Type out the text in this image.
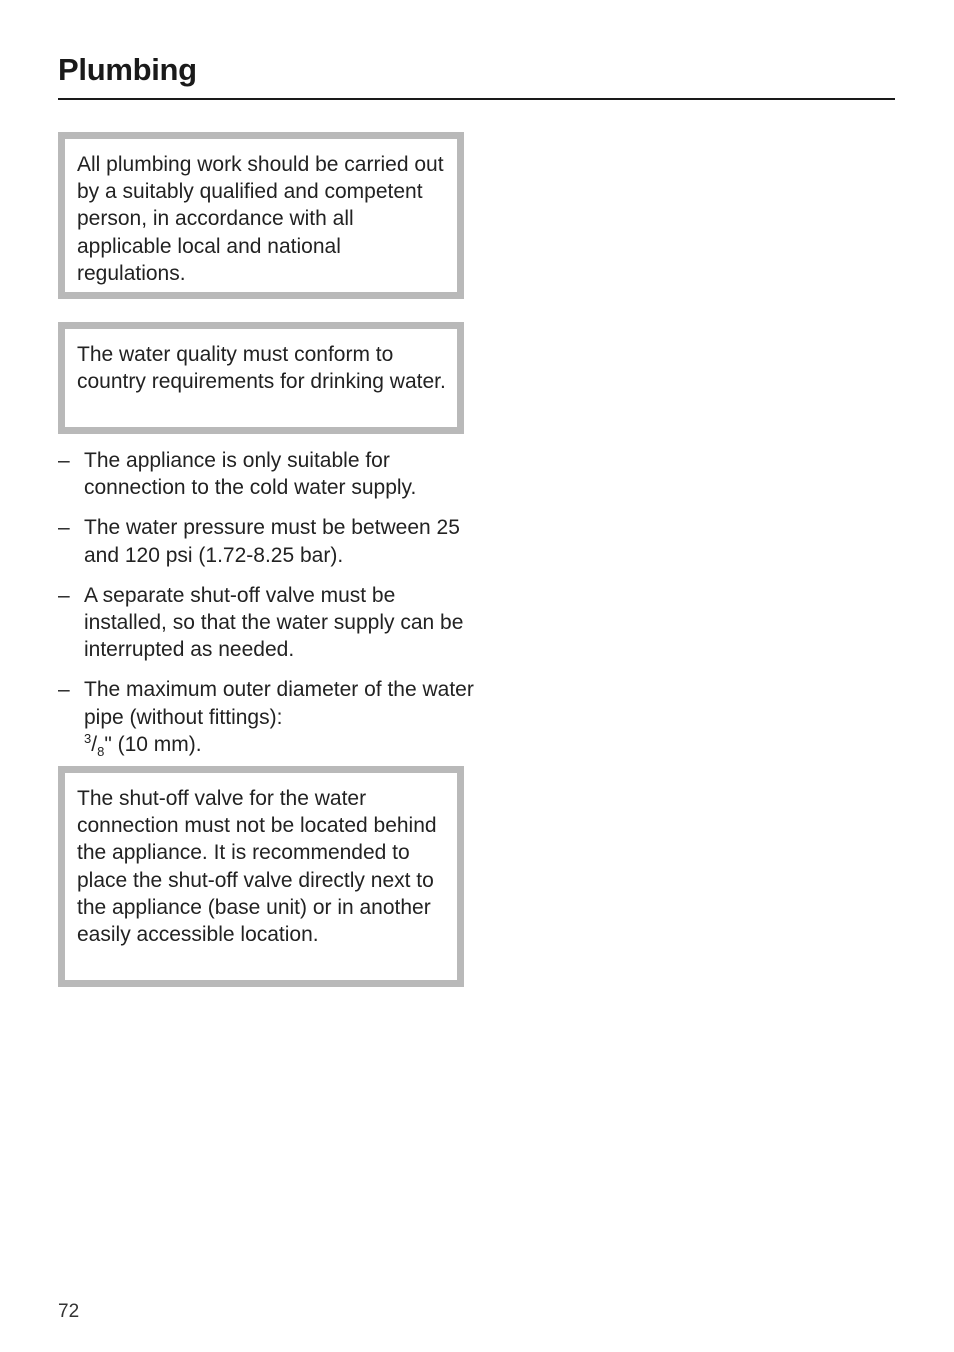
Plumbing

All plumbing work should be carried out by a suitably qualified and competent person, in accordance with all applicable local and national regulations.

The water quality must conform to country requirements for drinking water.

– The appliance is only suitable for connection to the cold water supply.
– The water pressure must be between 25 and 120 psi (1.72-8.25 bar).
– A separate shut-off valve must be installed, so that the water supply can be interrupted as needed.
– The maximum outer diameter of the water pipe (without fittings):
$^3/_8$" (10 mm).

The shut-off valve for the water connection must not be located behind the appliance. It is recommended to place the shut-off valve directly next to the appliance (base unit) or in another easily accessible location.

72
